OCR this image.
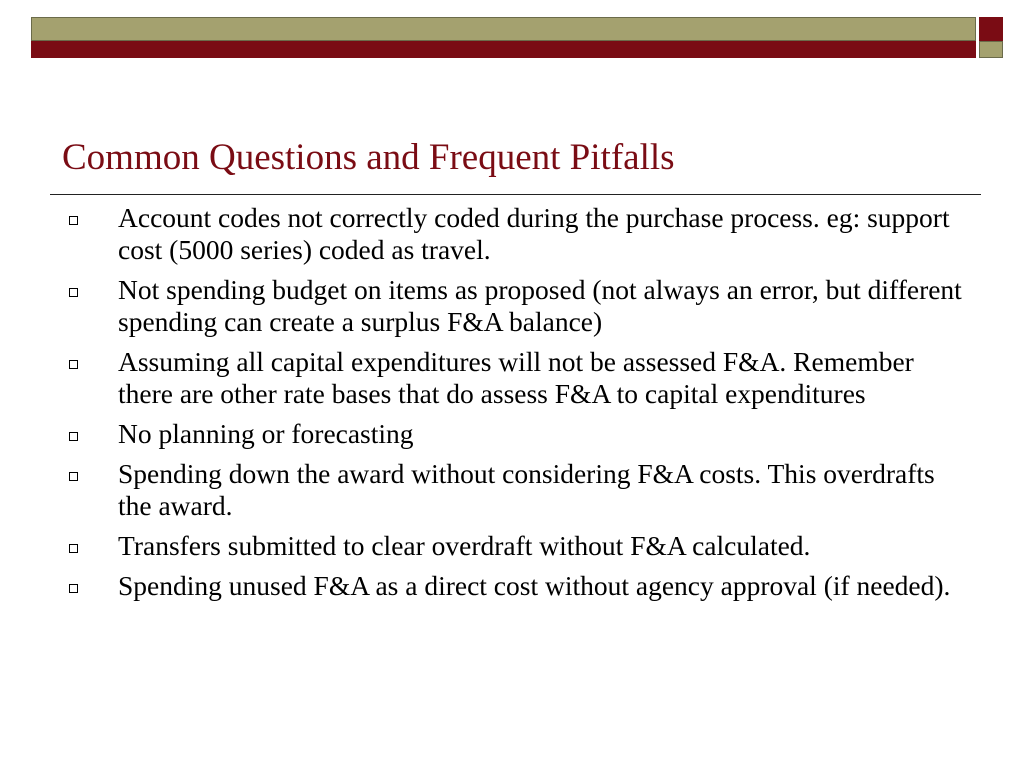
Common Questions and Frequent Pitfalls
Account codes not correctly coded during the purchase process. eg: support cost (5000 series) coded as travel.
Not spending budget on items as proposed (not always an error, but different spending can create a surplus F&A balance)
Assuming all capital expenditures will not be assessed F&A. Remember there are other rate bases that do assess F&A to capital expenditures
No planning or forecasting
Spending down the award without considering F&A costs. This overdrafts the award.
Transfers submitted to clear overdraft without F&A calculated.
Spending unused F&A as a direct cost without agency approval (if needed).
